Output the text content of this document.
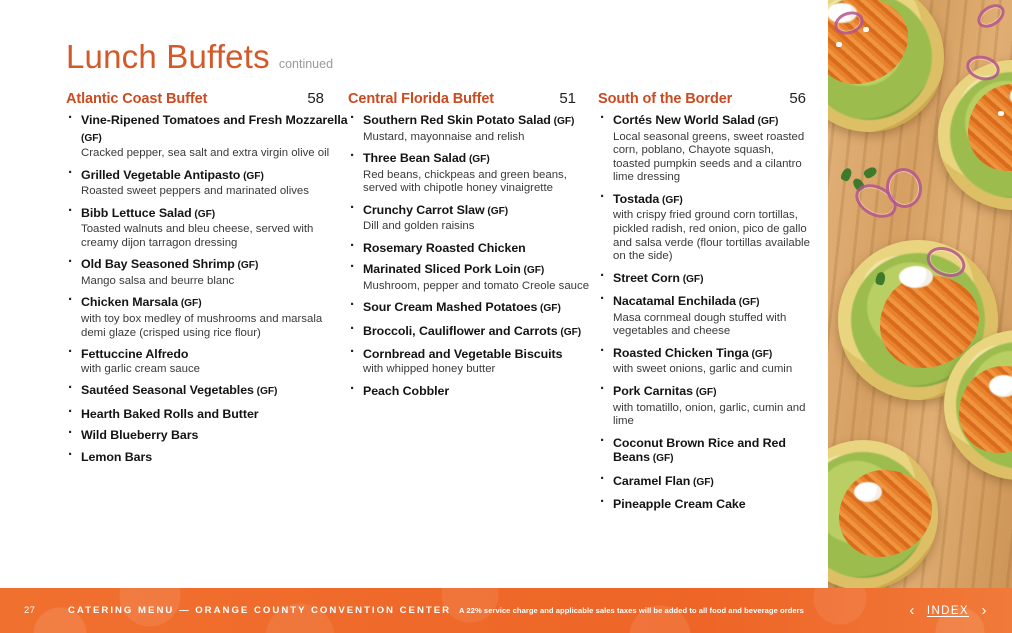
Lunch Buffets continued
Atlantic Coast Buffet	58
· Vine-Ripened Tomatoes and Fresh Mozzarella (GF)
Cracked pepper, sea salt and extra virgin olive oil
· Grilled Vegetable Antipasto (GF)
Roasted sweet peppers and marinated olives
· Bibb Lettuce Salad (GF)
Toasted walnuts and bleu cheese, served with creamy dijon tarragon dressing
· Old Bay Seasoned Shrimp (GF)
Mango salsa and beurre blanc
· Chicken Marsala (GF)
with toy box medley of mushrooms and marsala demi glaze (crisped using rice flour)
· Fettuccine Alfredo
with garlic cream sauce
· Sautéed Seasonal Vegetables (GF)
· Hearth Baked Rolls and Butter
· Wild Blueberry Bars
· Lemon Bars
Central Florida Buffet	51
· Southern Red Skin Potato Salad (GF)
Mustard, mayonnaise and relish
· Three Bean Salad (GF)
Red beans, chickpeas and green beans, served with chipotle honey vinaigrette
· Crunchy Carrot Slaw (GF)
Dill and golden raisins
· Rosemary Roasted Chicken
· Marinated Sliced Pork Loin (GF)
Mushroom, pepper and tomato Creole sauce
· Sour Cream Mashed Potatoes (GF)
· Broccoli, Cauliflower and Carrots (GF)
· Cornbread and Vegetable Biscuits
with whipped honey butter
· Peach Cobbler
South of the Border	56
· Cortés New World Salad (GF)
Local seasonal greens, sweet roasted corn, poblano, Chayote squash, toasted pumpkin seeds and a cilantro lime dressing
· Tostada (GF)
with crispy fried ground corn tortillas, pickled radish, red onion, pico de gallo and salsa verde (flour tortillas available on the side)
· Street Corn (GF)
· Nacatamal Enchilada (GF)
Masa cornmeal dough stuffed with vegetables and cheese
· Roasted Chicken Tinga (GF)
with sweet onions, garlic and cumin
· Pork Carnitas (GF)
with tomatillo, onion, garlic, cumin and lime
· Coconut Brown Rice and Red Beans (GF)
· Caramel Flan (GF)
· Pineapple Cream Cake
27	CATERING MENU — ORANGE COUNTY CONVENTION CENTER A 22% service charge and applicable sales taxes will be added to all food and beverage orders	‹	INDEX ›
